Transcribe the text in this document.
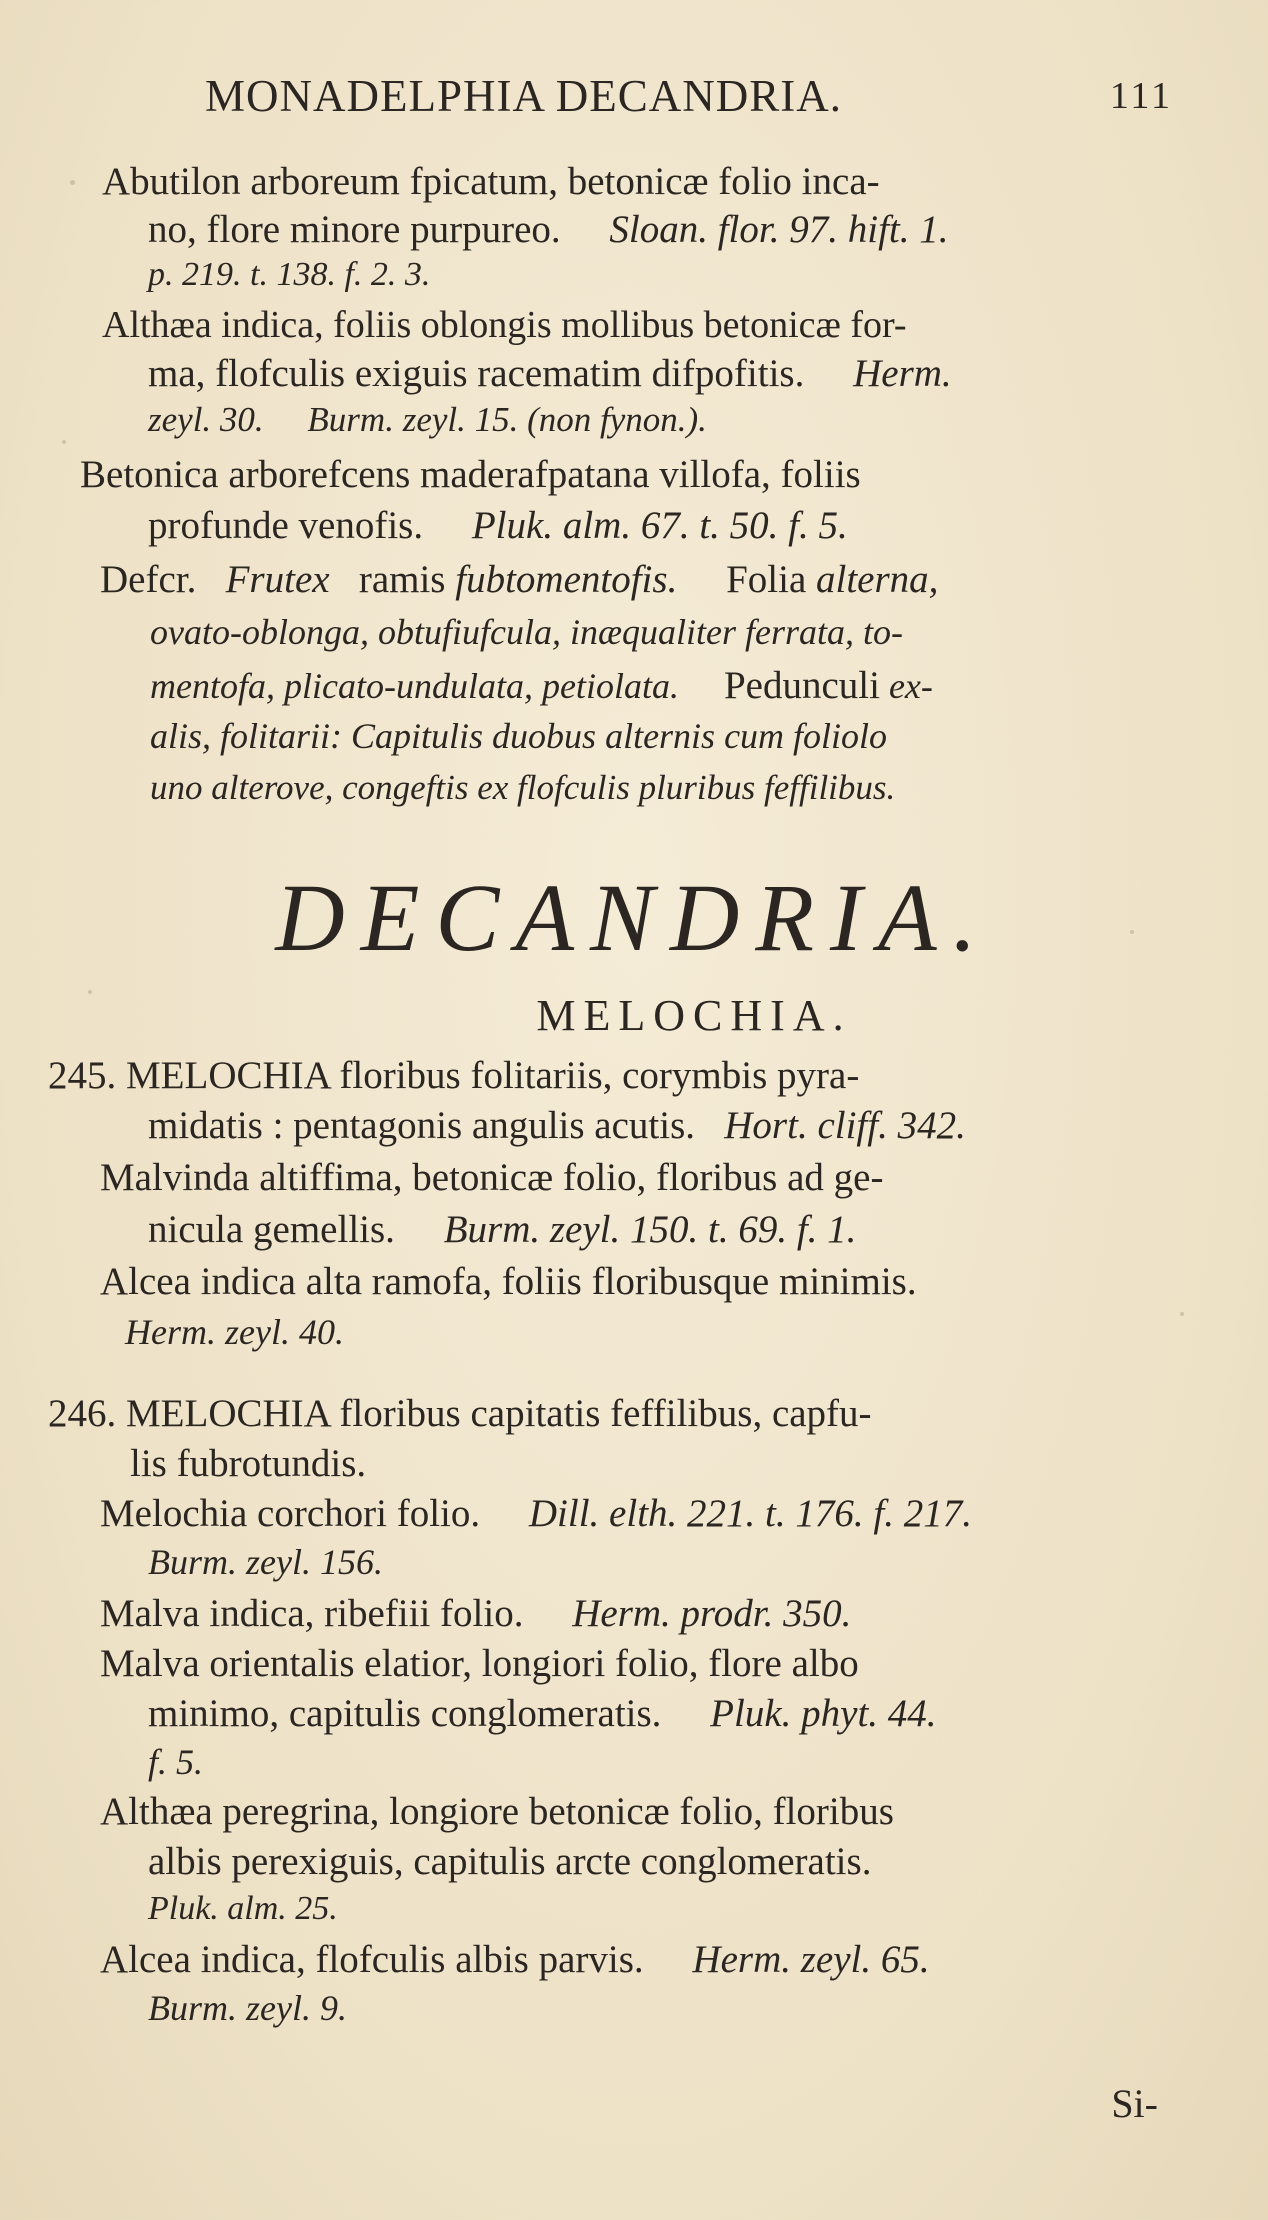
MONADELPHIA DECANDRIA.	111
Abutilon arboreum fpicatum, betonicæ folio inca-
no, flore minore purpureo.  Sloan. flor. 97. hift. 1.
p. 219. t. 138. f. 2. 3.
Althæa indica, foliis oblongis mollibus betonicæ for-
ma, flofculis exiguis racematim difpofitis.  Herm.
zeyl. 30.  Burm. zeyl. 15. (non fynon.).
Betonica arborefcens maderafpatana villofa, foliis
profunde venofis.  Pluk. alm. 67. t. 50. f. 5.
Defcr.  Frutex  ramis fubtomentofis.  Folia alterna,
ovato-oblonga, obtufiufcula, inæqualiter ferrata, to-
mentofa, plicato-undulata, petiolata.  Pedunculi ex-
alis, folitarii: Capitulis duobus alternis cum foliolo
uno alterove, congeftis ex flofculis pluribus feffilibus.
DECANDRIA.
MELOCHIA.
245. MELOCHIA floribus folitariis, corymbis pyra-
midatis : pentagonis angulis acutis.  Hort. cliff. 342.
Malvinda altiffima, betonicæ folio, floribus ad ge-
nicula gemellis.  Burm. zeyl. 150. t. 69. f. 1.
Alcea indica alta ramofa, foliis floribusque minimis.
Herm. zeyl. 40.
246. MELOCHIA floribus capitatis feffilibus, capfu-
lis fubrotundis.
Melochia corchori folio.  Dill. elth. 221. t. 176. f. 217.
Burm. zeyl. 156.
Malva indica, ribefiii folio.  Herm. prodr. 350.
Malva orientalis elatior, longiori folio, flore albo
minimo, capitulis conglomeratis.  Pluk. phyt. 44.
f. 5.
Althæa peregrina, longiore betonicæ folio, floribus
albis perexiguis, capitulis arcte conglomeratis.
Pluk. alm. 25.
Alcea indica, flofculis albis parvis.  Herm. zeyl. 65.
Burm. zeyl. 9.
Si-
